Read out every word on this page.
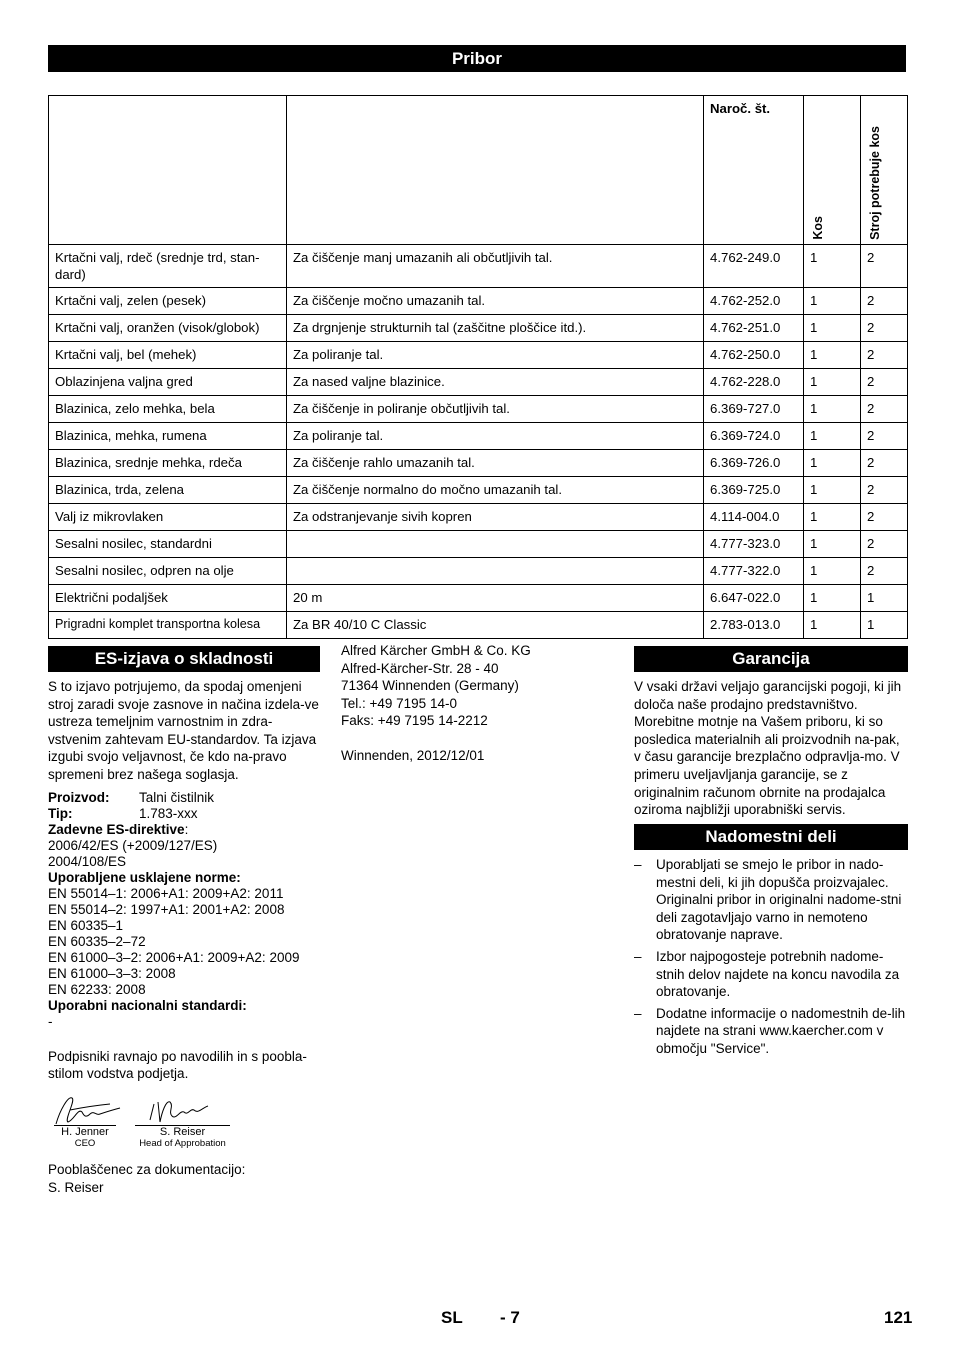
Pribor
		Naroč. št.	Kos	Stroj potrebuje kos

Krtačni valj, rdeč (srednje trd, stan-
dard)	Za čiščenje manj umazanih ali občutljivih tal.	4.762-249.0	1	2
Krtačni valj, zelen (pesek)	Za čiščenje močno umazanih tal.	4.762-252.0	1	2
Krtačni valj, oranžen (visok/globok)	Za drgnjenje strukturnih tal (zaščitne ploščice itd.).	4.762-251.0	1	2
Krtačni valj, bel (mehek)	Za poliranje tal.	4.762-250.0	1	2
Oblazinjena valjna gred	Za nased valjne blazinice.	4.762-228.0	1	2
Blazinica, zelo mehka, bela	Za čiščenje in poliranje občutljivih tal.	6.369-727.0	1	2
Blazinica, mehka, rumena	Za poliranje tal.	6.369-724.0	1	2
Blazinica, srednje mehka, rdeča	Za čiščenje rahlo umazanih tal.	6.369-726.0	1	2
Blazinica, trda, zelena	Za čiščenje normalno do močno umazanih tal.	6.369-725.0	1	2
Valj iz mikrovlaken	Za odstranjevanje sivih kopren	4.114-004.0	1	2
Sesalni nosilec, standardni		4.777-323.0	1	2
Sesalni nosilec, odpren na olje		4.777-322.0	1	2
Električni podaljšek	20 m	6.647-022.0	1	1
Prigradni komplet transportna kolesa	Za BR 40/10 C Classic	2.783-013.0	1	1
ES-izjava o skladnosti
S to izjavo potrjujemo, da spodaj omenjeni stroj zaradi svoje zasnove in načina izdela-ve ustreza temeljnim varnostnim in zdra-vstvenim zahtevam EU-standardov. Ta izjava izgubi svojo veljavnost, če kdo na-pravo spremeni brez našega soglasja.
Proizvod: Talni čistilnik
Tip:	1.783-xxx
Zadevne ES-direktive:
2006/42/ES (+2009/127/ES)
2004/108/ES
Uporabljene usklajene norme:
EN 55014–1: 2006+A1: 2009+A2: 2011
EN 55014–2: 1997+A1: 2001+A2: 2008
EN 60335–1
EN 60335–2–72
EN 61000–3–2: 2006+A1: 2009+A2: 2009
EN 61000–3–3: 2008
EN 62233: 2008
Uporabni nacionalni standardi:
-
Podpisniki ravnajo po navodilih in s poobla-stilom vodstva podjetja.
H. Jenner
CEO
S. Reiser
Head of Approbation
Pooblaščenec za dokumentacijo:
S. Reiser
Alfred Kärcher GmbH & Co. KG
Alfred-Kärcher-Str. 28 - 40
71364 Winnenden (Germany)
Tel.: +49 7195 14-0
Faks: +49 7195 14-2212
Winnenden, 2012/12/01
Garancija
V vsaki državi veljajo garancijski pogoji, ki jih določa naše prodajno predstavništvo. Morebitne motnje na Vašem priboru, ki so posledica materialnih ali proizvodnih na-pak, v času garancije brezplačno odpravlja-mo. V primeru uveljavljanja garancije, se z originalnim računom obrnite na prodajalca oziroma najbližji uporabniški servis.
Nadomestni deli
– Uporabljati se smejo le pribor in nado-mestni deli, ki jih dopušča proizvajalec. Originalni pribor in originalni nadome-stni deli zagotavljajo varno in nemoteno obratovanje naprave.
– Izbor najpogosteje potrebnih nadome-stnih delov najdete na koncu navodila za obratovanje.
– Dodatne informacije o nadomestnih de-lih najdete na strani www.kaercher.com v območju "Service".
SL - 7	121
